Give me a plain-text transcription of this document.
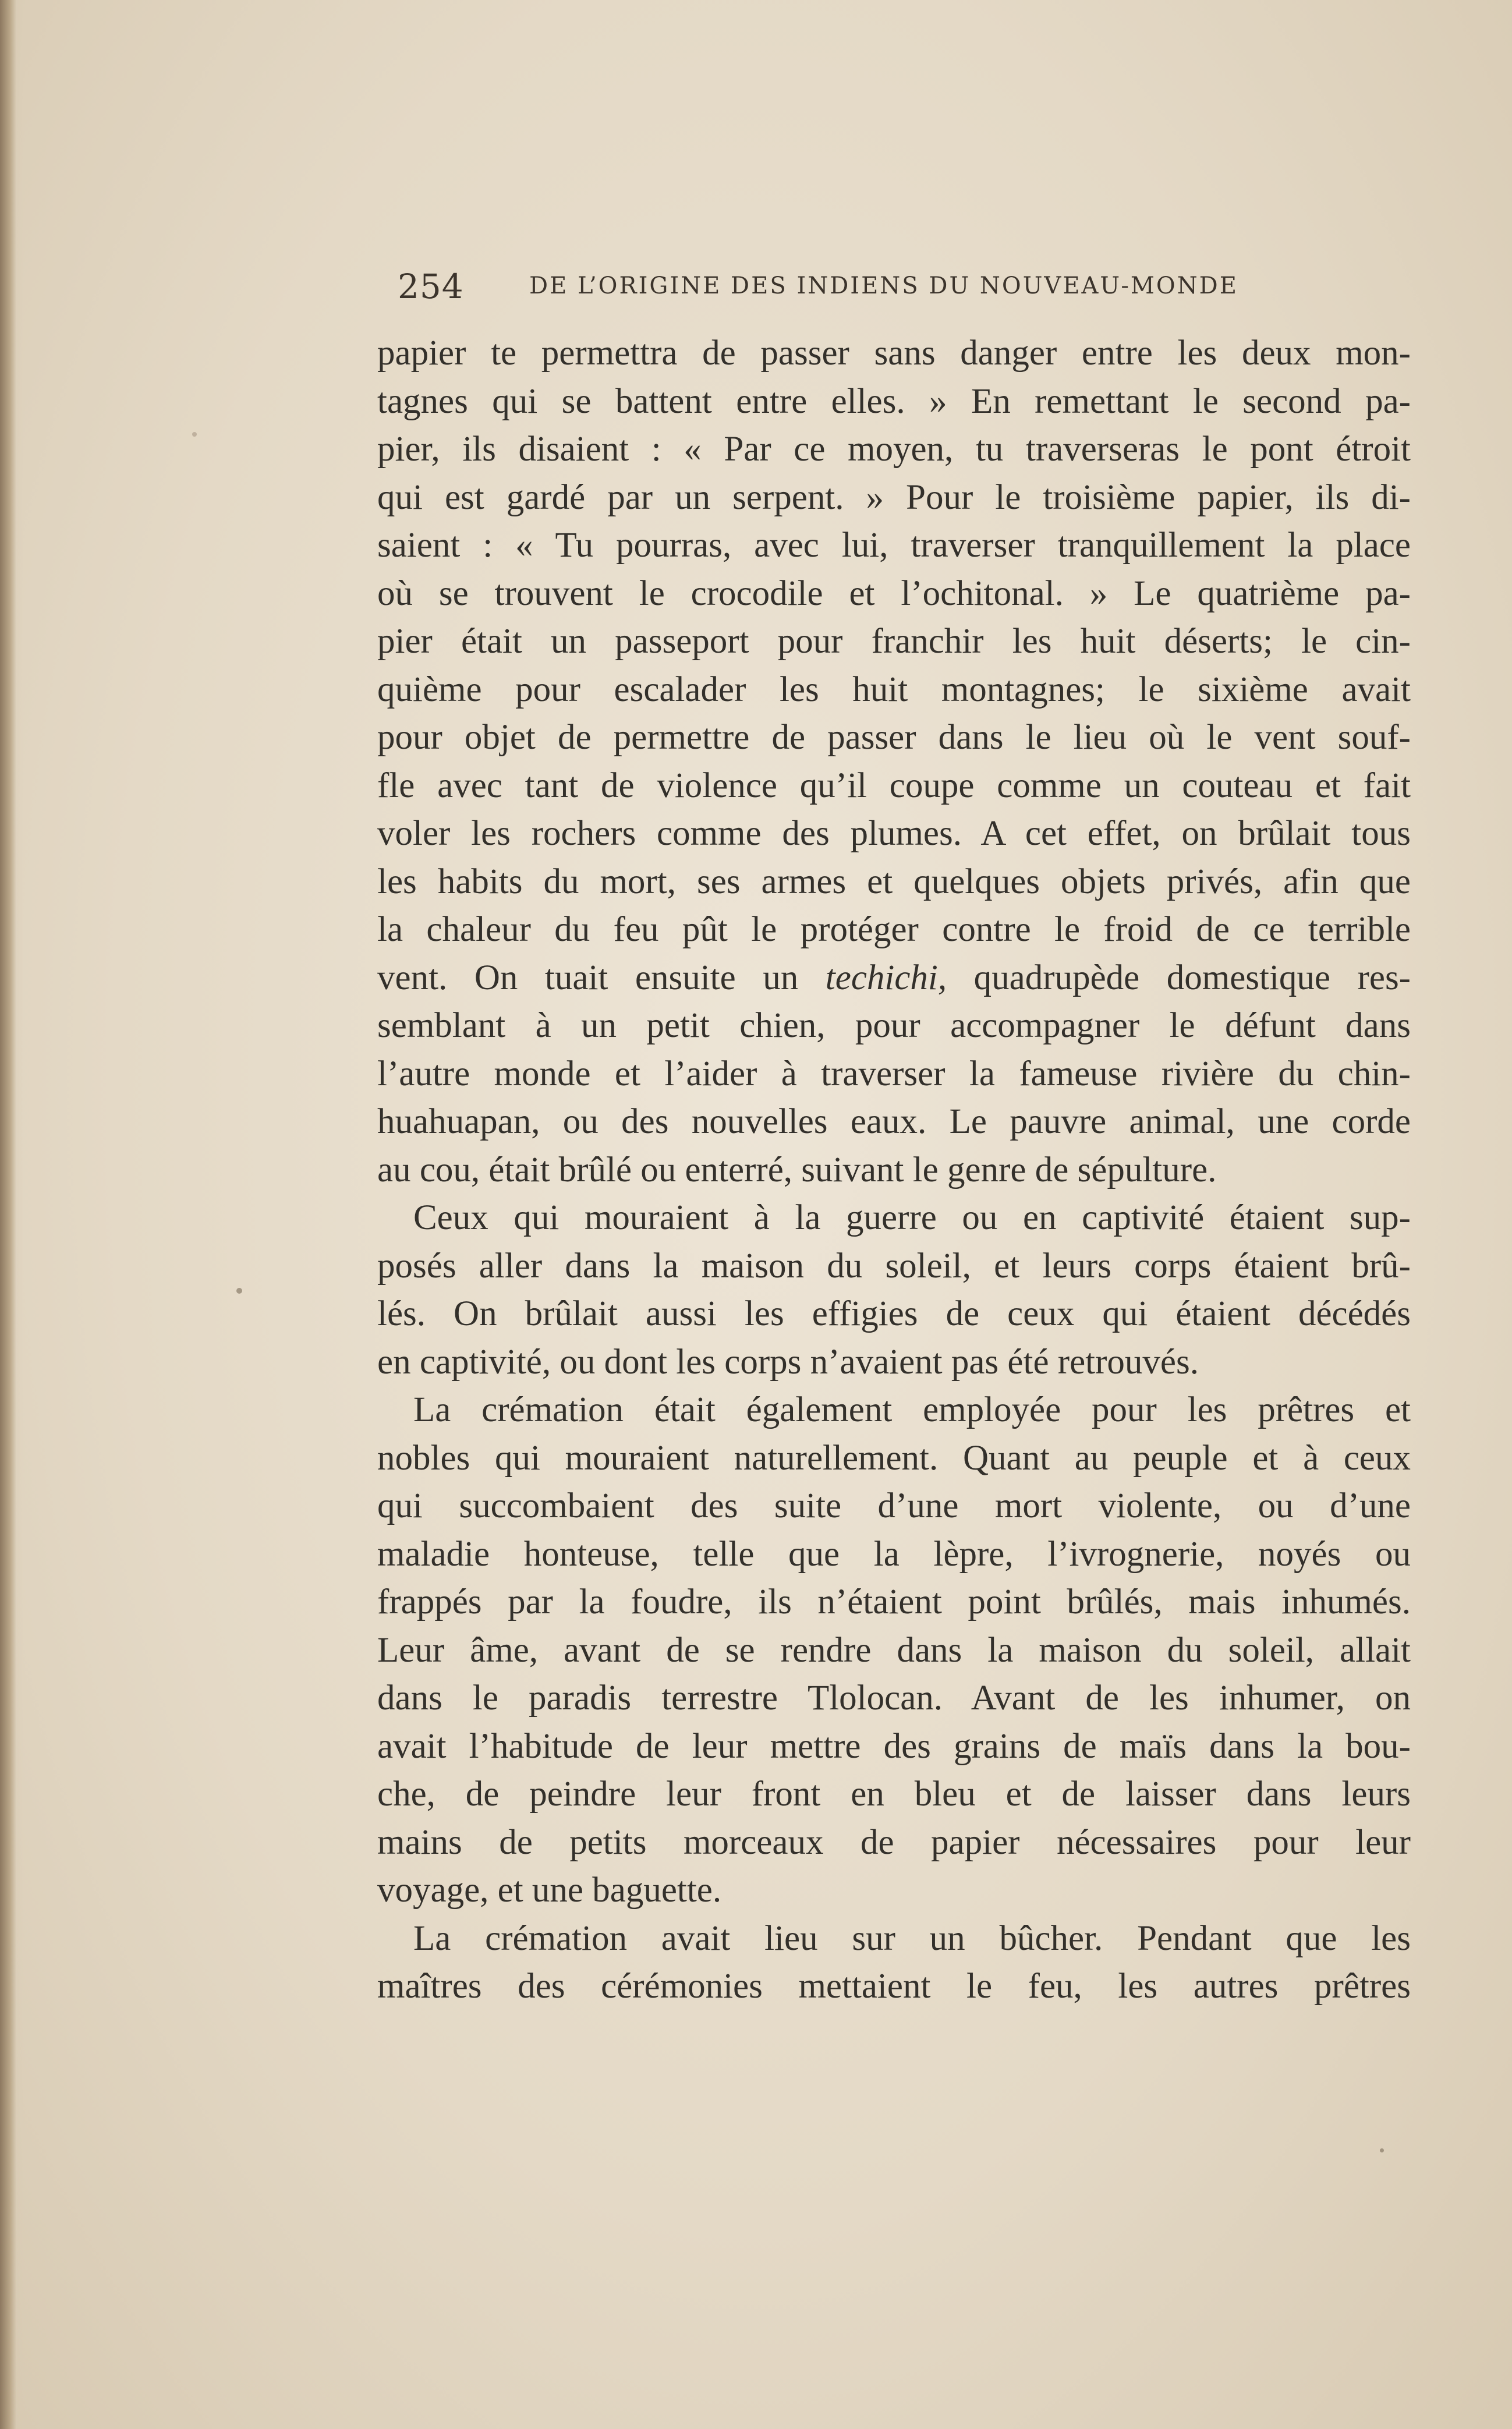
254	DE L’ORIGINE DES INDIENS DU NOUVEAU-MONDE
papier te permettra de passer sans danger entre les deux mon-
tagnes qui se battent entre elles. » En remettant le second pa-
pier, ils disaient : « Par ce moyen, tu traverseras le pont étroit
qui est gardé par un serpent. » Pour le troisième papier, ils di-
saient : « Tu pourras, avec lui, traverser tranquillement la place
où se trouvent le crocodile et l’ochitonal. » Le quatrième pa-
pier était un passeport pour franchir les huit déserts; le cin-
quième pour escalader les huit montagnes; le sixième avait
pour objet de permettre de passer dans le lieu où le vent souf-
fle avec tant de violence qu’il coupe comme un couteau et fait
voler les rochers comme des plumes. A cet effet, on brûlait tous
les habits du mort, ses armes et quelques objets privés, afin que
la chaleur du feu pût le protéger contre le froid de ce terrible
vent. On tuait ensuite un techichi, quadrupède domestique res-
semblant à un petit chien, pour accompagner le défunt dans
l’autre monde et l’aider à traverser la fameuse rivière du chin-
huahuapan, ou des nouvelles eaux. Le pauvre animal, une corde
au cou, était brûlé ou enterré, suivant le genre de sépulture.
Ceux qui mouraient à la guerre ou en captivité étaient sup-
posés aller dans la maison du soleil, et leurs corps étaient brû-
lés. On brûlait aussi les effigies de ceux qui étaient décédés
en captivité, ou dont les corps n’avaient pas été retrouvés.
La crémation était également employée pour les prêtres et
nobles qui mouraient naturellement. Quant au peuple et à ceux
qui succombaient des suite d’une mort violente, ou d’une
maladie honteuse, telle que la lèpre, l’ivrognerie, noyés ou
frappés par la foudre, ils n’étaient point brûlés, mais inhumés.
Leur âme, avant de se rendre dans la maison du soleil, allait
dans le paradis terrestre Tlolocan. Avant de les inhumer, on
avait l’habitude de leur mettre des grains de maïs dans la bou-
che, de peindre leur front en bleu et de laisser dans leurs
mains de petits morceaux de papier nécessaires pour leur
voyage, et une baguette.
La crémation avait lieu sur un bûcher. Pendant que les
maîtres des cérémonies mettaient le feu, les autres prêtres
